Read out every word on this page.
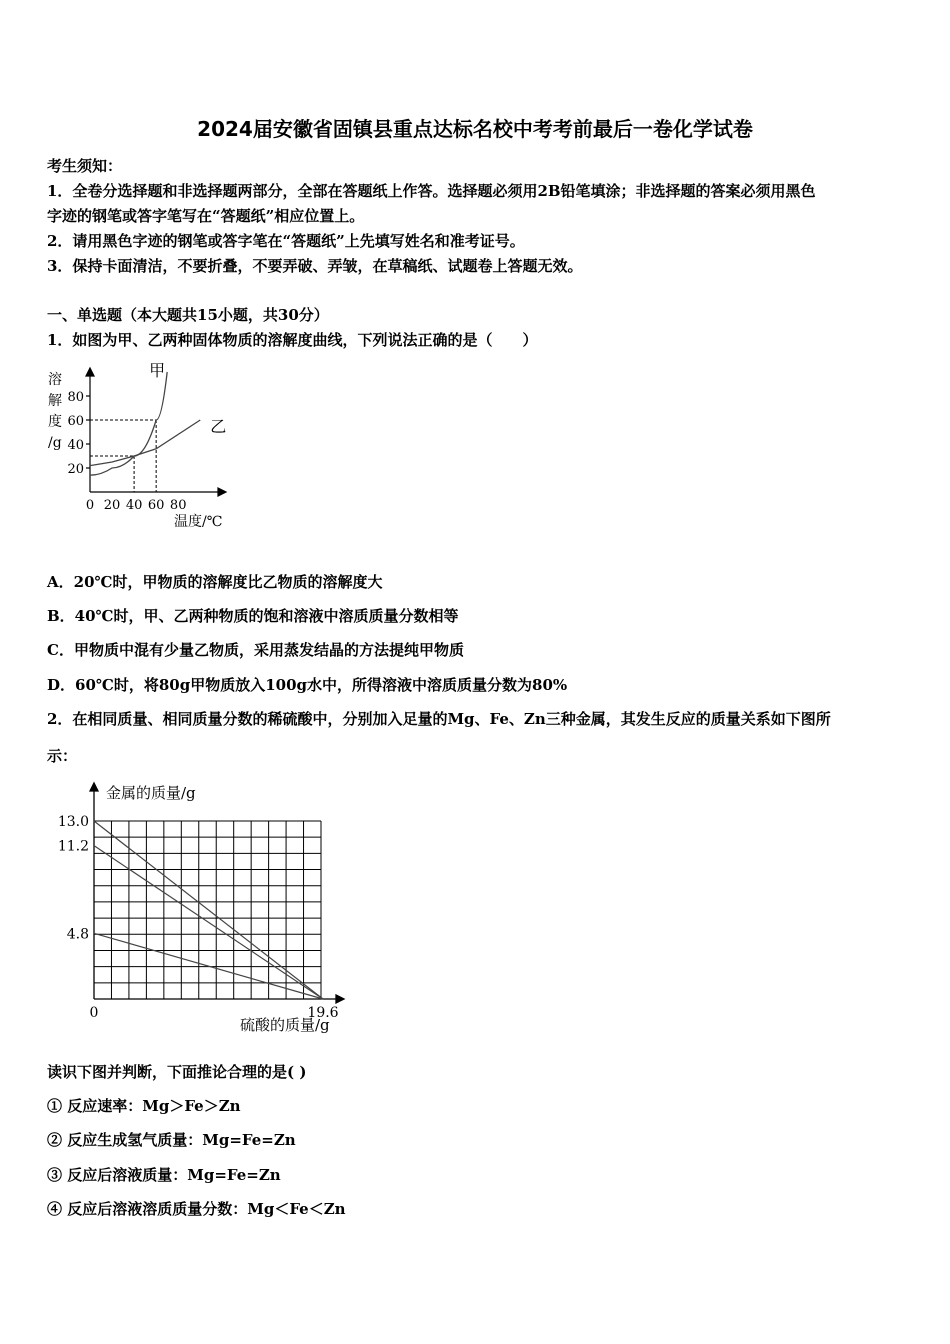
2024届安徽省固镇县重点达标名校中考考前最后一卷化学试卷
考生须知：
1．全卷分选择题和非选择题两部分，全部在答题纸上作答。选择题必须用2B铅笔填涂；非选择题的答案必须用黑色
字迹的钢笔或答字笔写在“答题纸”相应位置上。
2．请用黑色字迹的钢笔或答字笔在“答题纸”上先填写姓名和准考证号。
3．保持卡面清洁，不要折叠，不要弄破、弄皱，在草稿纸、试题卷上答题无效。
一、单选题（本大题共15小题，共30分）
1．如图为甲、乙两种固体物质的溶解度曲线，下列说法正确的是（　　）
溶
解
度
/g
20
40
60
80
0 20 40 60 80
甲
乙
温度/℃
A．20℃时，甲物质的溶解度比乙物质的溶解度大
B．40℃时，甲、乙两种物质的饱和溶液中溶质质量分数相等
C．甲物质中混有少量乙物质，采用蒸发结晶的方法提纯甲物质
D．60℃时，将80g甲物质放入100g水中，所得溶液中溶质质量分数为80%
2．在相同质量、相同质量分数的稀硫酸中，分别加入足量的Mg、Fe、Zn三种金属，其发生反应的质量关系如下图所
示：
金属的质量/g
硫酸的质量/g
4.8
11.2
13.0
0	19.6
读识下图并判断，下面推论合理的是( )
① 反应速率：Mg＞Fe＞Zn
② 反应生成氢气质量：Mg=Fe=Zn
③ 反应后溶液质量：Mg=Fe=Zn
④ 反应后溶液溶质质量分数：Mg＜Fe＜Zn
